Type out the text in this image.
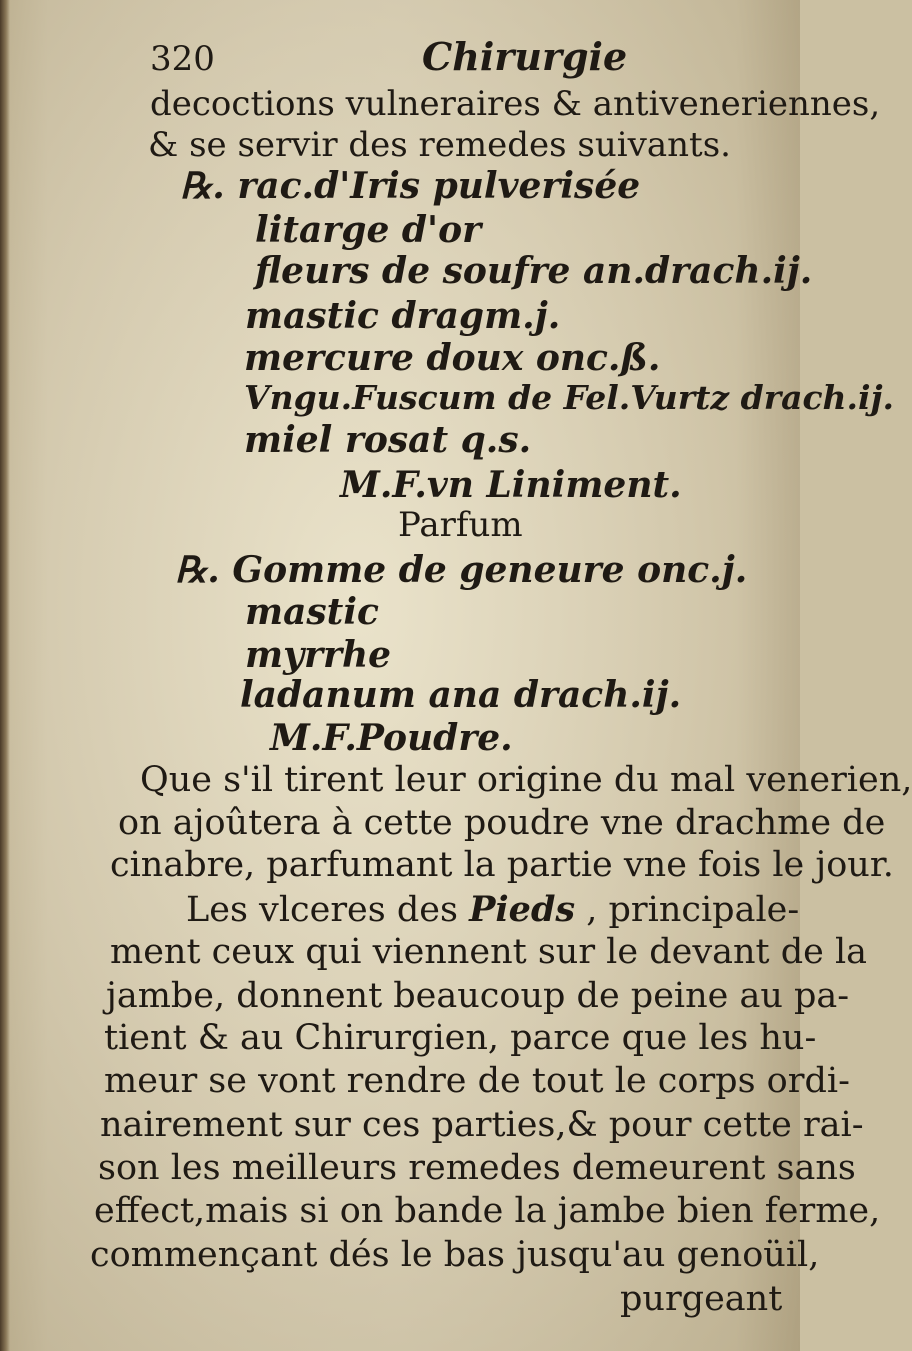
320	Chirurgie
decoctions vulneraires & antiveneriennes,
& se servir des remedes suivants.
℞. rac.d'Iris pulverisée
litarge d'or
fleurs de soufre an.drach.ij.
mastic dragm.j.
mercure doux onc.ß.
Vngu.Fuscum de Fel.Vurtz drach.ij.
miel rosat q.s.
M.F.vn Liniment.
Parfum
℞. Gomme de geneure onc.j.
mastic
myrrhe
ladanum ana drach.ij.
M.F.Poudre.
Que s'il tirent leur origine du mal venerien,
on ajoûtera à cette poudre vne drachme de
cinabre, parfumant la partie vne fois le jour.
Les vlceres des Pieds , principale-
ment ceux qui viennent sur le devant de la
jambe, donnent beaucoup de peine au pa-
tient & au Chirurgien, parce que les hu-
meur se vont rendre de tout le corps ordi-
nairement sur ces parties,& pour cette rai-
son les meilleurs remedes demeurent sans
effect,mais si on bande la jambe bien ferme,
commençant dés le bas jusqu'au genoüil,
purgeant
